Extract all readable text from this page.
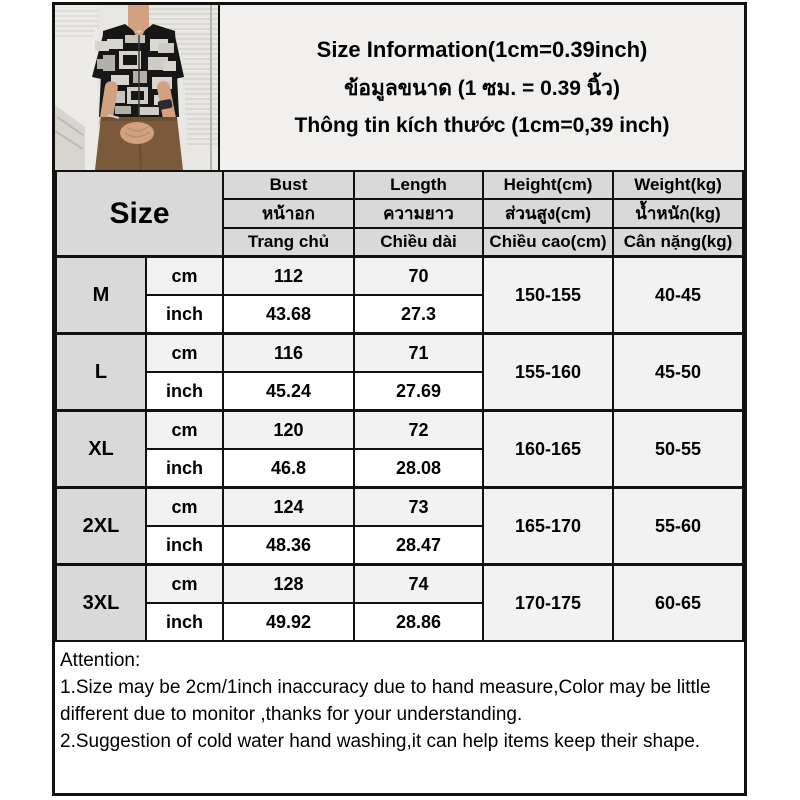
Size Information(1cm=0.39inch)
ข้อมูลขนาด (1 ซม. = 0.39 นิ้ว)
Thông tin kích thước (1cm=0,39 inch)
Size		Bust	Length	Height(cm)	Weight(kg)
		หน้าอก	ความยาว	ส่วนสูง(cm)	น้ำหนัก(kg)
		Trang chủ	Chiều dài	Chiều cao(cm)	Cân nặng(kg)
M	cm	112	70	150-155	40-45
	inch	43.68	27.3		
L	cm	116	71	155-160	45-50
	inch	45.24	27.69		
XL	cm	120	72	160-165	50-55
	inch	46.8	28.08		
2XL	cm	124	73	165-170	55-60
	inch	48.36	28.47		
3XL	cm	128	74	170-175	60-65
	inch	49.92	28.86		
Attention:
1.Size may be 2cm/1inch inaccuracy due to hand measure,Color may be little different due to monitor ,thanks for your understanding.
2.Suggestion of cold water hand washing,it can help items keep their shape.
